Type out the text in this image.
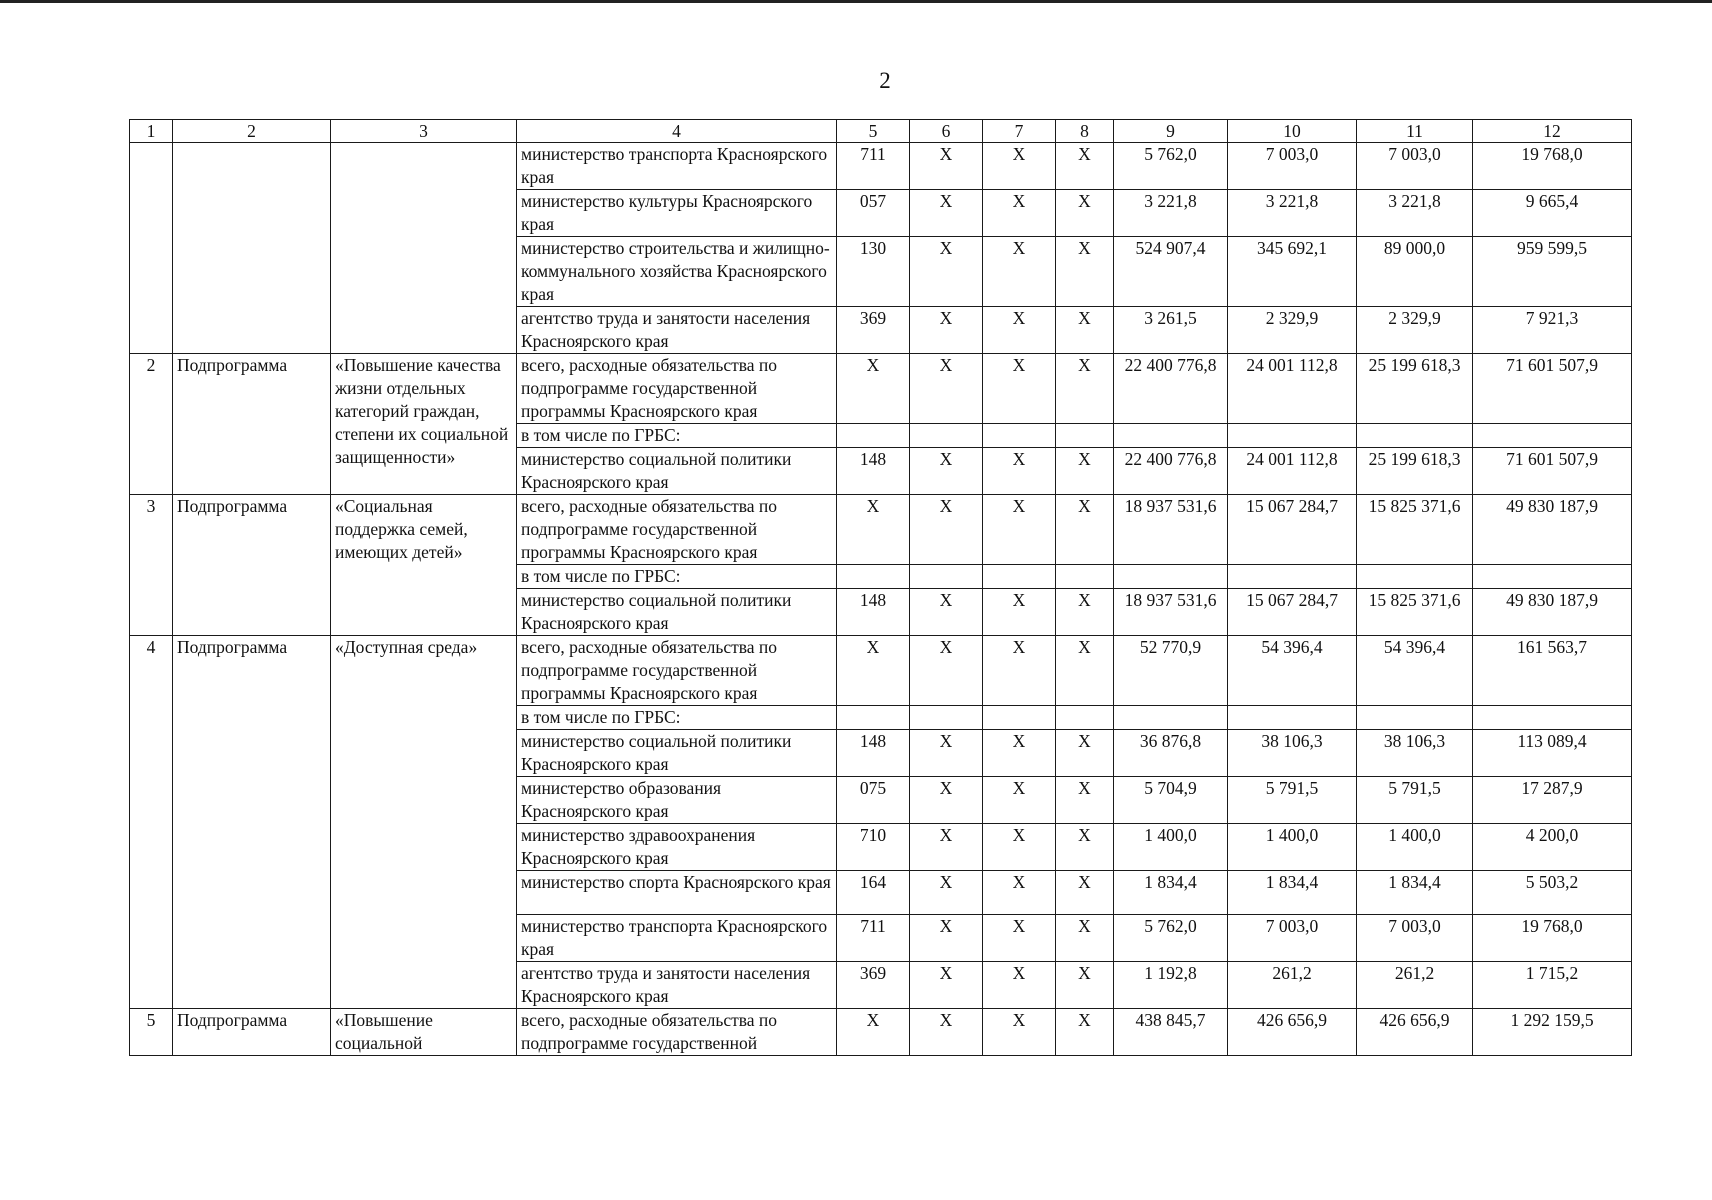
2
1	2	3	4	5	6	7	8	9	10	11	12
			министерство транспорта Красноярского края	711	X	X	X	5 762,0	7 003,0	7 003,0	19 768,0
			министерство культуры Красноярского края	057	X	X	X	3 221,8	3 221,8	3 221,8	9 665,4
			министерство строительства и жилищно-коммунального хозяйства Красноярского края	130	X	X	X	524 907,4	345 692,1	89 000,0	959 599,5
			агентство труда и занятости населения Красноярского края	369	X	X	X	3 261,5	2 329,9	2 329,9	7 921,3
2	Подпрограмма	«Повышение качества жизни отдельных категорий граждан, степени их социальной защищенности»	всего, расходные обязательства по подпрограмме государственной программы Красноярского края	X	X	X	X	22 400 776,8	24 001 112,8	25 199 618,3	71 601 507,9
			в том числе по ГРБС:								
			министерство социальной политики Красноярского края	148	X	X	X	22 400 776,8	24 001 112,8	25 199 618,3	71 601 507,9
3	Подпрограмма	«Социальная поддержка семей, имеющих детей»	всего, расходные обязательства по подпрограмме государственной программы Красноярского края	X	X	X	X	18 937 531,6	15 067 284,7	15 825 371,6	49 830 187,9
			в том числе по ГРБС:								
			министерство социальной политики Красноярского края	148	X	X	X	18 937 531,6	15 067 284,7	15 825 371,6	49 830 187,9
4	Подпрограмма	«Доступная среда»	всего, расходные обязательства по подпрограмме государственной программы Красноярского края	X	X	X	X	52 770,9	54 396,4	54 396,4	161 563,7
			в том числе по ГРБС:								
			министерство социальной политики Красноярского края	148	X	X	X	36 876,8	38 106,3	38 106,3	113 089,4
			министерство образования Красноярского края	075	X	X	X	5 704,9	5 791,5	5 791,5	17 287,9
			министерство здравоохранения Красноярского края	710	X	X	X	1 400,0	1 400,0	1 400,0	4 200,0
			министерство спорта Красноярского края	164	X	X	X	1 834,4	1 834,4	1 834,4	5 503,2
			министерство транспорта Красноярского края	711	X	X	X	5 762,0	7 003,0	7 003,0	19 768,0
			агентство труда и занятости населения Красноярского края	369	X	X	X	1 192,8	261,2	261,2	1 715,2
5	Подпрограмма	«Повышение социальной	всего, расходные обязательства по подпрограмме государственной	X	X	X	X	438 845,7	426 656,9	426 656,9	1 292 159,5
